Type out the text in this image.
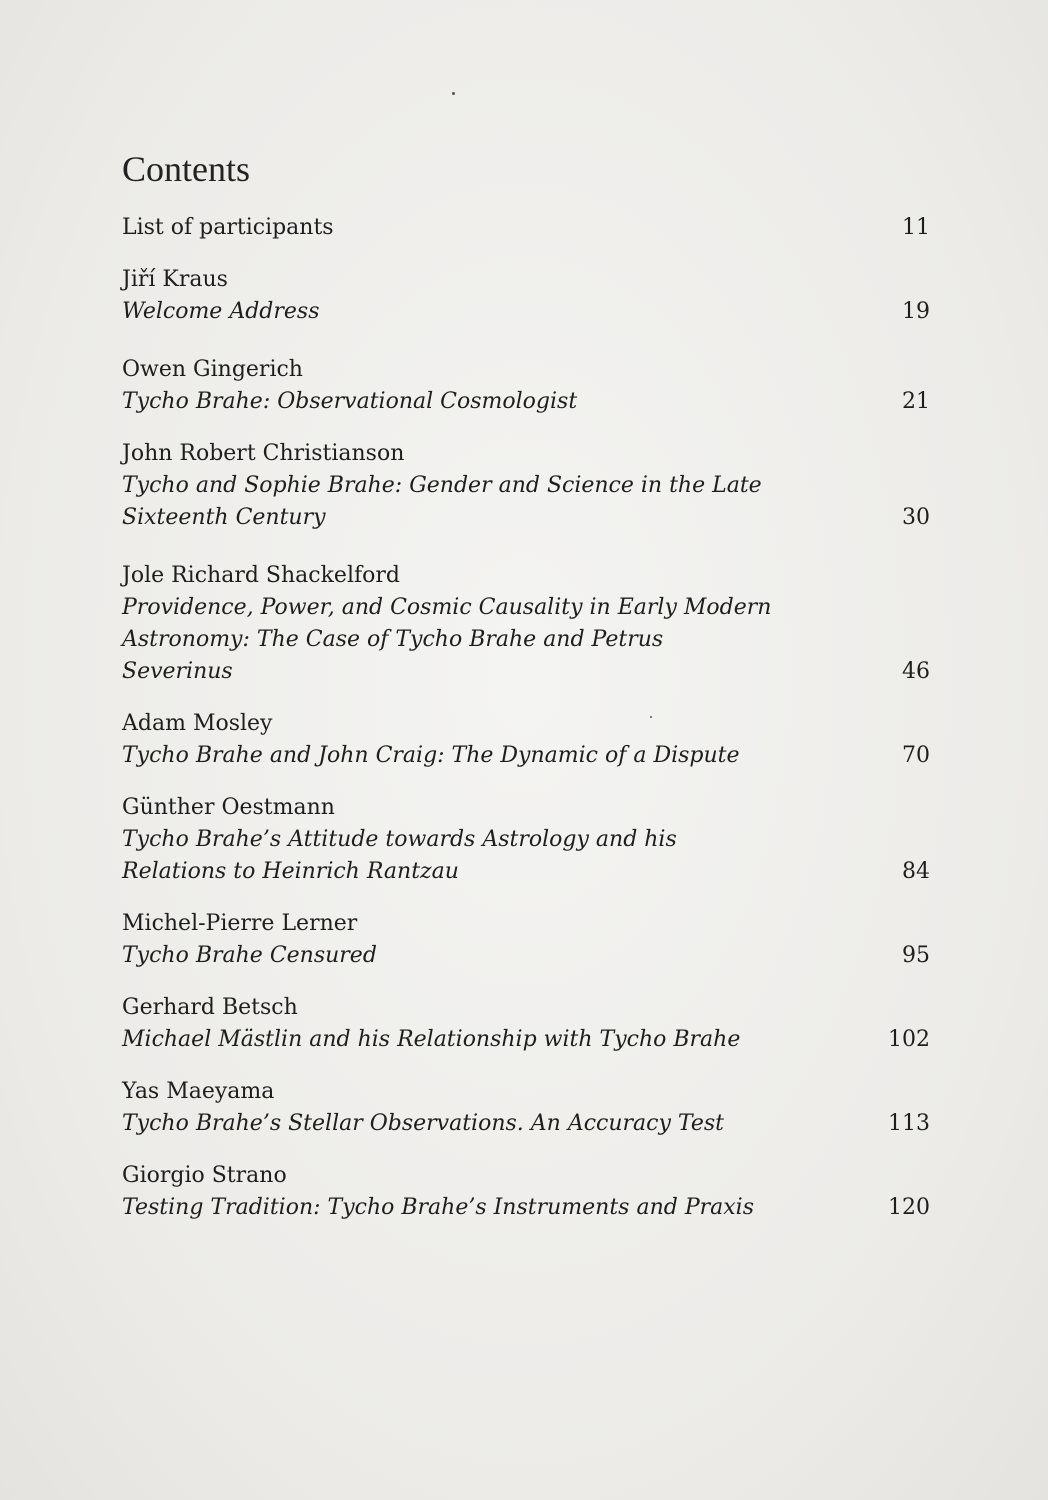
Contents
List of participants	11
Jiří Kraus
Welcome Address	19
Owen Gingerich
Tycho Brahe: Observational Cosmologist	21
John Robert Christianson
Tycho and Sophie Brahe: Gender and Science in the Late
Sixteenth Century	30
Jole Richard Shackelford
Providence, Power, and Cosmic Causality in Early Modern
Astronomy: The Case of Tycho Brahe and Petrus
Severinus	46
Adam Mosley
Tycho Brahe and John Craig: The Dynamic of a Dispute	70
Günther Oestmann
Tycho Brahe’s Attitude towards Astrology and his
Relations to Heinrich Rantzau	84
Michel-Pierre Lerner
Tycho Brahe Censured	95
Gerhard Betsch
Michael Mästlin and his Relationship with Tycho Brahe	102
Yas Maeyama
Tycho Brahe’s Stellar Observations. An Accuracy Test	113
Giorgio Strano
Testing Tradition: Tycho Brahe’s Instruments and Praxis	120
